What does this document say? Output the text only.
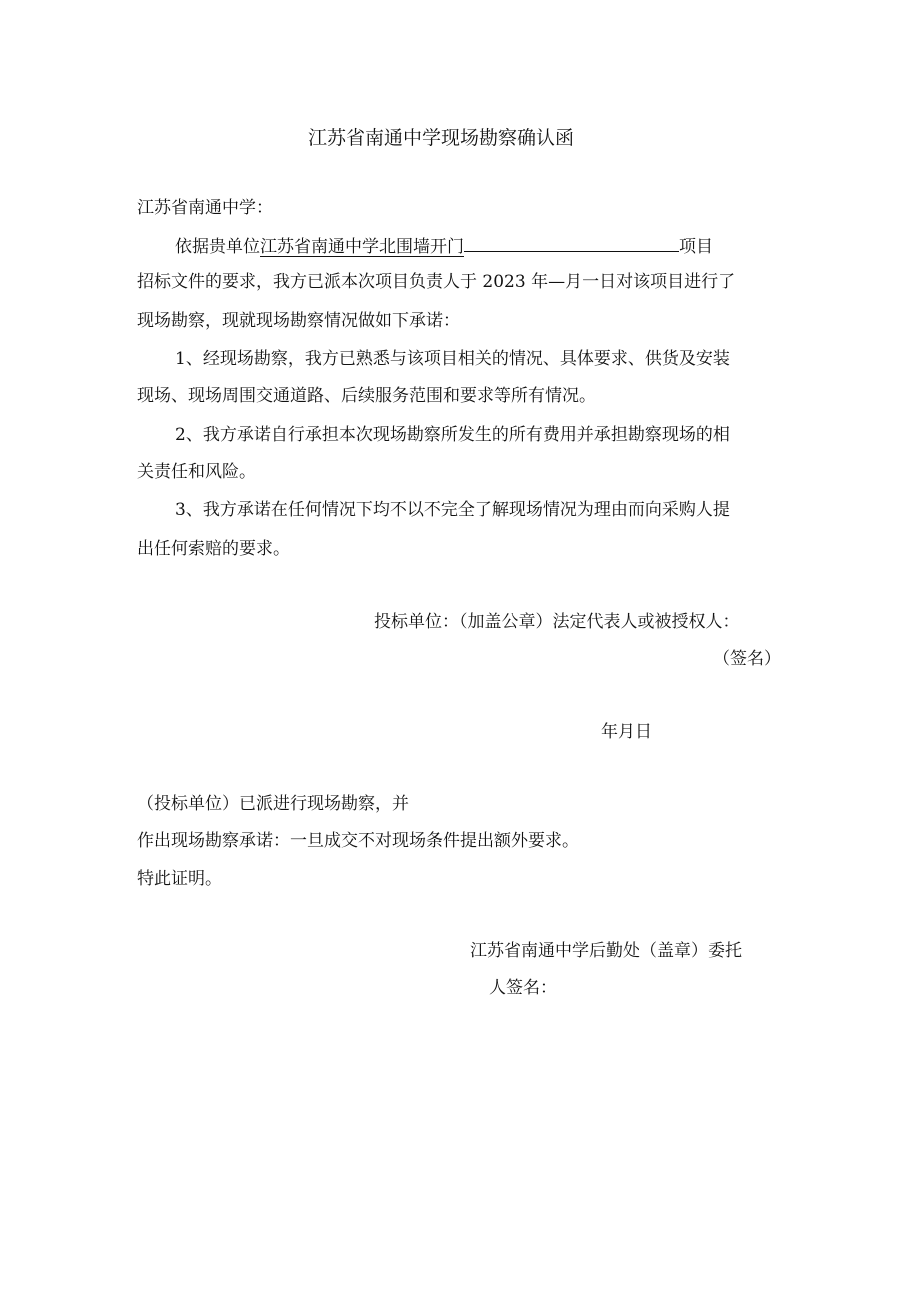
江苏省南通中学现场勘察确认函
江苏省南通中学：
依据贵单位江苏省南通中学北围墙开门	项目
招标文件的要求，我方已派本次项目负责人于 2023 年—月一日对该项目进行了
现场勘察，现就现场勘察情况做如下承诺：
1、经现场勘察，我方已熟悉与该项目相关的情况、具体要求、供货及安装
现场、现场周围交通道路、后续服务范围和要求等所有情况。
2、我方承诺自行承担本次现场勘察所发生的所有费用并承担勘察现场的相
关责任和风险。
3、我方承诺在任何情况下均不以不完全了解现场情况为理由而向采购人提
出任何索赔的要求。
投标单位：（加盖公章）法定代表人或被授权人：
（签名）
年月日
（投标单位）已派进行现场勘察，并
作出现场勘察承诺：一旦成交不对现场条件提出额外要求。
特此证明。
江苏省南通中学后勤处（盖章）委托
人签名：
